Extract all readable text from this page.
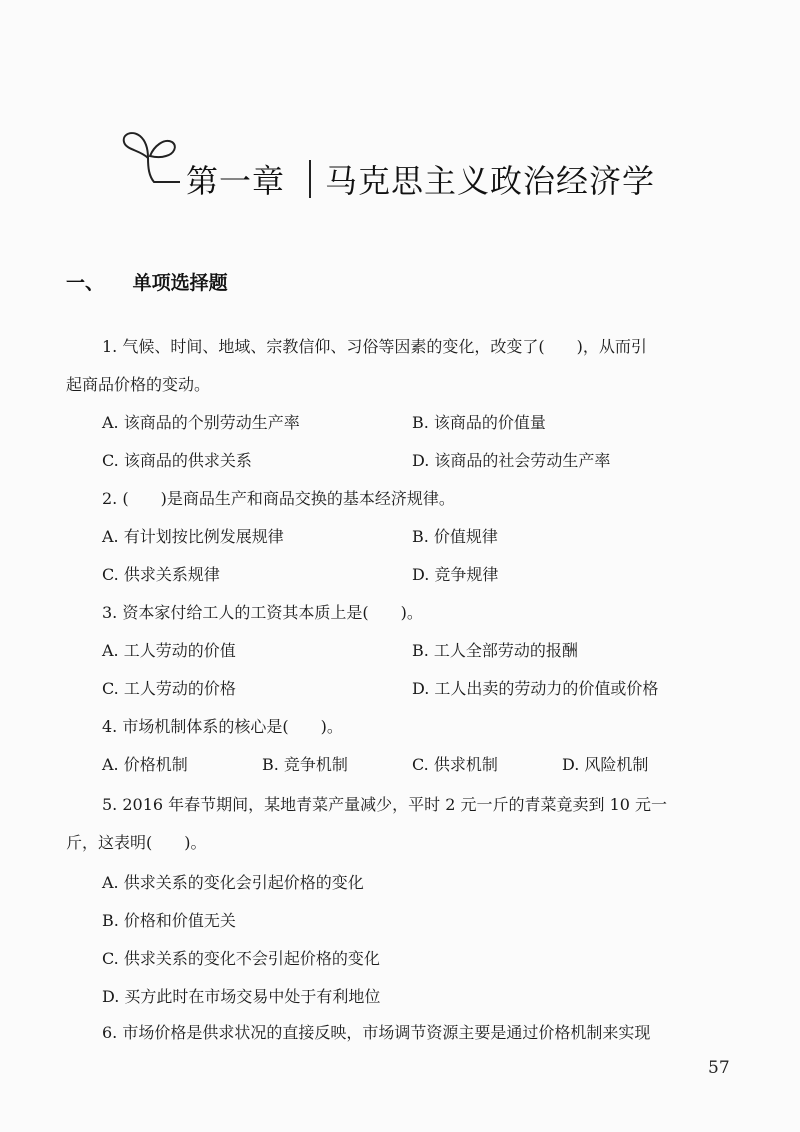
第一章 马克思主义政治经济学
一、 单项选择题
1. 气候、时间、地域、宗教信仰、习俗等因素的变化，改变了(　　)，从而引
起商品价格的变动。
A. 该商品的个别劳动生产率	B. 该商品的价值量
C. 该商品的供求关系	D. 该商品的社会劳动生产率
2. (　　)是商品生产和商品交换的基本经济规律。
A. 有计划按比例发展规律	B. 价值规律
C. 供求关系规律	D. 竞争规律
3. 资本家付给工人的工资其本质上是(　　)。
A. 工人劳动的价值	B. 工人全部劳动的报酬
C. 工人劳动的价格	D. 工人出卖的劳动力的价值或价格
4. 市场机制体系的核心是(　　)。
A. 价格机制	B. 竞争机制	C. 供求机制	D. 风险机制
5. 2016 年春节期间，某地青菜产量减少，平时 2 元一斤的青菜竟卖到 10 元一
斤，这表明(　　)。
A. 供求关系的变化会引起价格的变化
B. 价格和价值无关
C. 供求关系的变化不会引起价格的变化
D. 买方此时在市场交易中处于有利地位
6. 市场价格是供求状况的直接反映，市场调节资源主要是通过价格机制来实现
57
